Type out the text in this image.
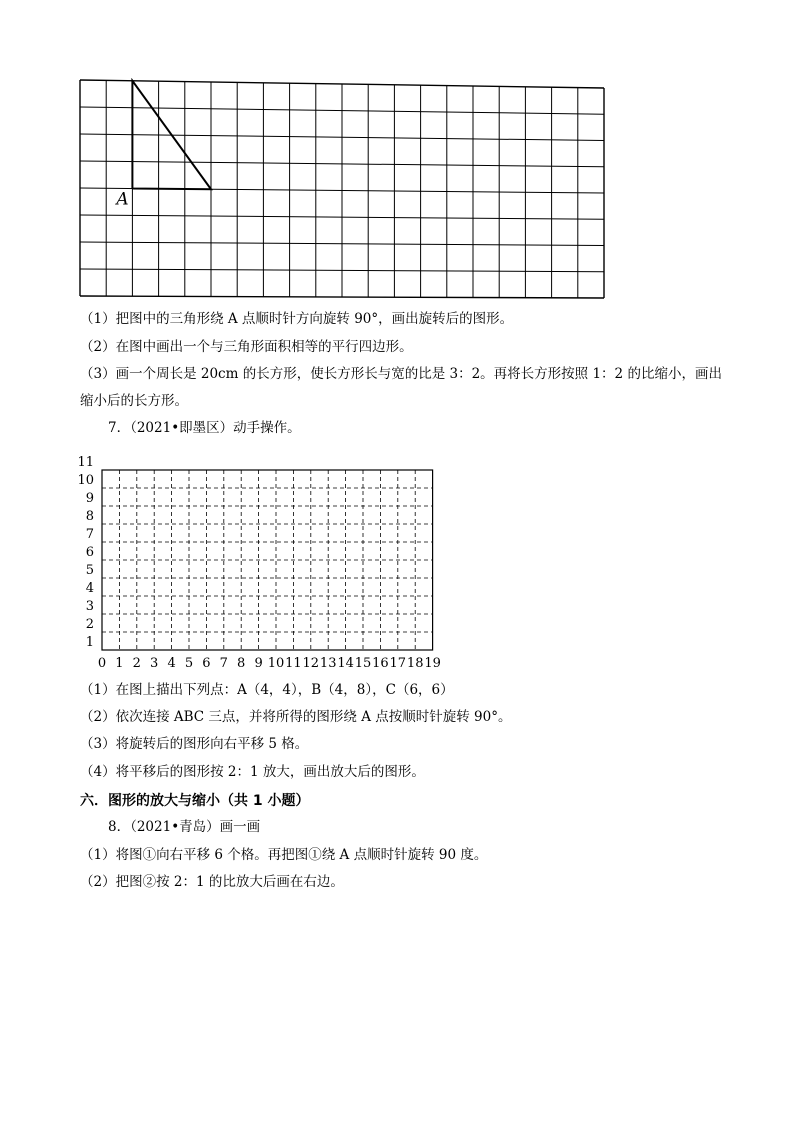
A
（1）把图中的三角形绕 A 点顺时针方向旋转 90°，画出旋转后的图形。
（2）在图中画出一个与三角形面积相等的平行四边形。
（3）画一个周长是 20cm 的长方形，使长方形长与宽的比是 3：2。再将长方形按照 1：2 的比缩小，画出
缩小后的长方形。
7．（2021•即墨区）动手操作。
0 1 2 3 4 5 6 7 8 9 10 11 12 13 14 15 16 17 18 19
1
2
3
4
5
6
7
8
9
10
11
（1）在图上描出下列点：A（4，4），B（4，8），C（6，6）
（2）依次连接 ABC 三点，并将所得的图形绕 A 点按顺时针旋转 90°。
（3）将旋转后的图形向右平移 5 格。
（4）将平移后的图形按 2：1 放大，画出放大后的图形。
六．图形的放大与缩小（共 1 小题）
8．（2021•青岛）画一画
（1）将图①向右平移 6 个格。再把图①绕 A 点顺时针旋转 90 度。
（2）把图②按 2：1 的比放大后画在右边。
